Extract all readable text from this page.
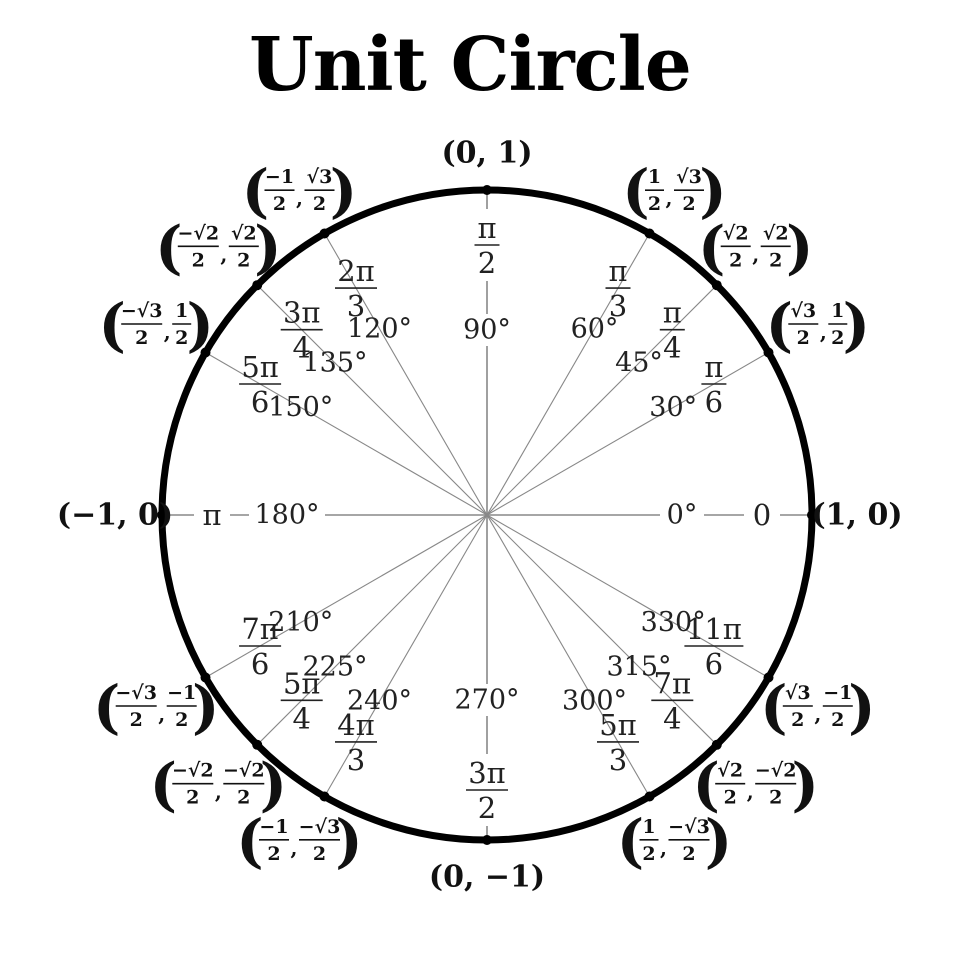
Unit Circle
0° 0 (1, 0)
30°
π
6
( )
√3
2 ,
1
2
45°
π
4
( )
√2
2 ,
√2
2
60°
π
3
( )
1
2 ,
√3
2
90°
π
2
(0, 1)
120°
2π
3
( )
−1
2 ,
√3
2
135°
3π
4
( )
−√2
2 ,
√2
2
150°
5π
6
( )
−√3
2 ,
1
2
180°
π
(−1, 0)
210°
7π
6
( )
−√3
2 ,
−1
2
225°
5π
4
( )
−√2
2 ,
−√2
2
240°
4π
3
( )
−1
2 ,
−√3
2
270°
3π
2
(0, −1)
300°
5π
3
( )
1
2 ,
−√3
2
315°
7π
4
( )
√2
2 ,
−√2
2
330°
11π
6
( )
√3
2 ,
−1
2
